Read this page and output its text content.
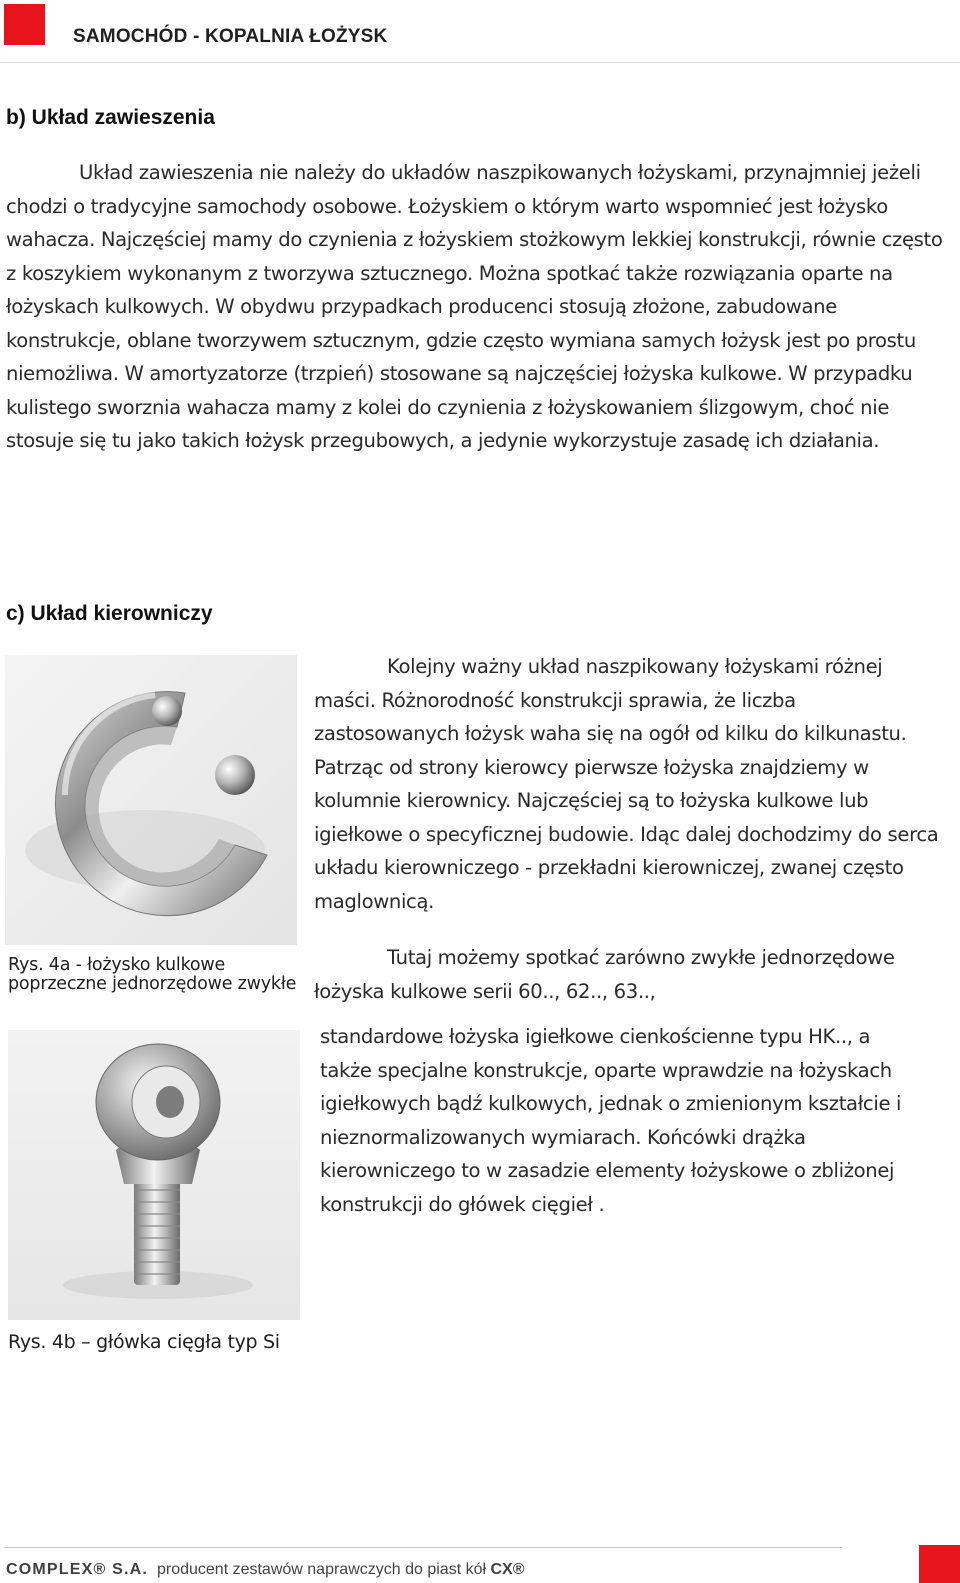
SAMOCHÓD - KOPALNIA ŁOŻYSK
b) Układ zawieszenia

Układ zawieszenia nie należy do układów naszpikowanych łożyskami, przynajmniej jeżeli chodzi o tradycyjne samochody osobowe. Łożyskiem o którym warto wspomnieć jest łożysko wahacza. Najczęściej mamy do czynienia z łożyskiem stożkowym lekkiej konstrukcji, równie często z koszykiem wykonanym z tworzywa sztucznego. Można spotkać także rozwiązania oparte na łożyskach kulkowych. W obydwu przypadkach producenci stosują złożone, zabudowane konstrukcje, oblane tworzywem sztucznym, gdzie często wymiana samych łożysk jest po prostu niemożliwa. W amortyzatorze (trzpień) stosowane są najczęściej łożyska kulkowe. W przypadku kulistego sworznia wahacza mamy z kolei do czynienia z łożyskowaniem ślizgowym, choć nie stosuje się tu jako takich łożysk przegubowych, a jedynie wykorzystuje zasadę ich działania.

c) Układ kierowniczy

Rys. 4a - łożysko kulkowe poprzeczne jednorzędowe zwykłe

Rys. 4b – główka cięgła typ Si

Kolejny ważny układ naszpikowany łożyskami różnej maści. Różnorodność konstrukcji sprawia, że liczba zastosowanych łożysk waha się na ogół od kilku do kilkunastu. Patrząc od strony kierowcy pierwsze łożyska znajdziemy w kolumnie kierownicy. Najczęściej są to łożyska kulkowe lub igiełkowe o specyficznej budowie. Idąc dalej dochodzimy do serca układu kierowniczego - przekładni kierowniczej, zwanej często maglownicą.

Tutaj możemy spotkać zarówno zwykłe jednorzędowe łożyska kulkowe serii 60.., 62.., 63..,

standardowe łożyska igiełkowe cienkościenne typu HK.., a także specjalne konstrukcje, oparte wprawdzie na łożyskach igiełkowych bądź kulkowych, jednak o zmienionym kształcie i nieznormalizowanych wymiarach. Końcówki drążka kierowniczego to w zasadzie elementy łożyskowe o zbliżonej konstrukcji do główek cięgieł .

COMPLEX® S.A. producent zestawów naprawczych do piast kół CX®
